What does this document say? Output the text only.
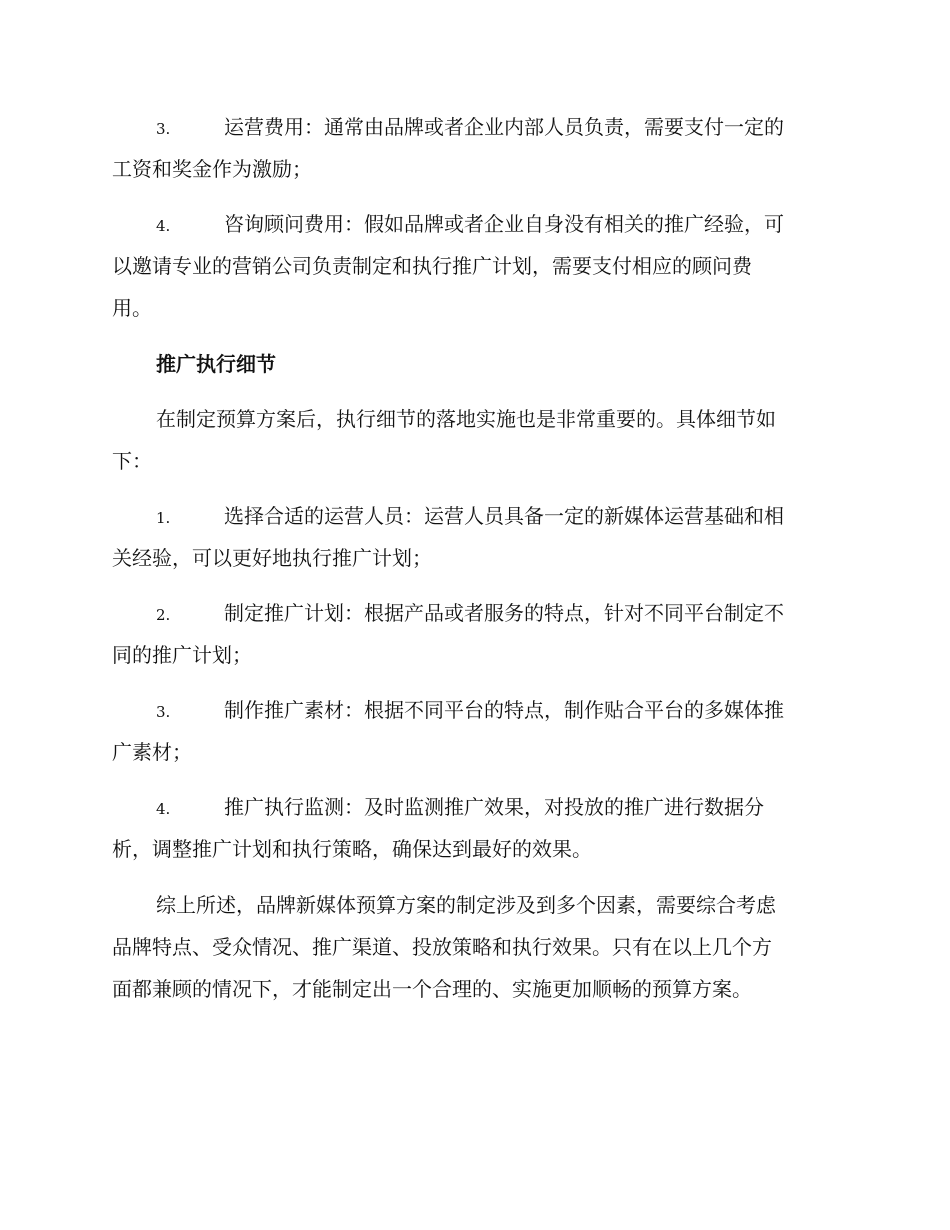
3.	运营费用：通常由品牌或者企业内部人员负责，需要支付一定的
工资和奖金作为激励；
4.	咨询顾问费用：假如品牌或者企业自身没有相关的推广经验，可
以邀请专业的营销公司负责制定和执行推广计划，需要支付相应的顾问费
用。
推广执行细节
在制定预算方案后，执行细节的落地实施也是非常重要的。具体细节如
下：
1.	选择合适的运营人员：运营人员具备一定的新媒体运营基础和相
关经验，可以更好地执行推广计划；
2.	制定推广计划：根据产品或者服务的特点，针对不同平台制定不
同的推广计划；
3.	制作推广素材：根据不同平台的特点，制作贴合平台的多媒体推
广素材；
4.	推广执行监测：及时监测推广效果，对投放的推广进行数据分
析，调整推广计划和执行策略，确保达到最好的效果。
综上所述，品牌新媒体预算方案的制定涉及到多个因素，需要综合考虑
品牌特点、受众情况、推广渠道、投放策略和执行效果。只有在以上几个方
面都兼顾的情况下，才能制定出一个合理的、实施更加顺畅的预算方案。
